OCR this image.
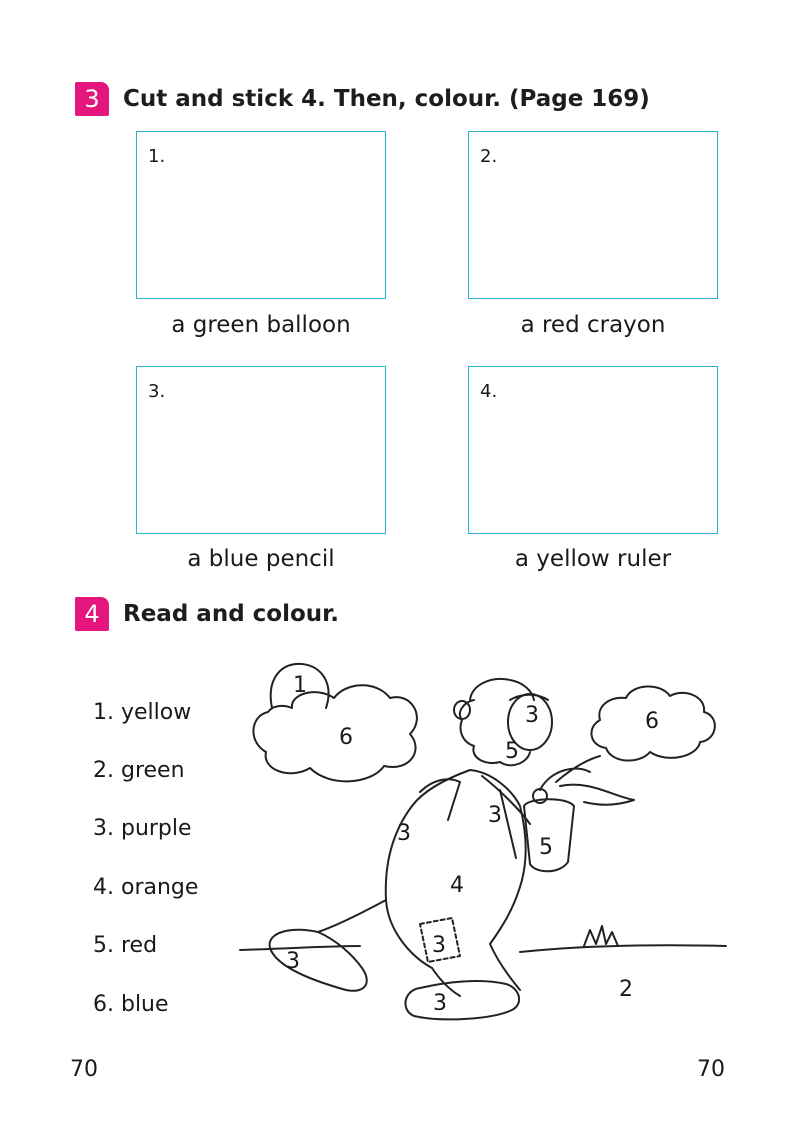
3	Cut and stick 4. Then, colour. (Page 169)
1.	2.
a green balloon	a red crayon
3.	4.
a blue pencil	a yellow ruler
4	Read and colour.
1. yellow
2. green
3. purple
4. orange
5. red
6. blue
1
6
6
3
5
3
3
5
4
3
3
3
2
70	70
